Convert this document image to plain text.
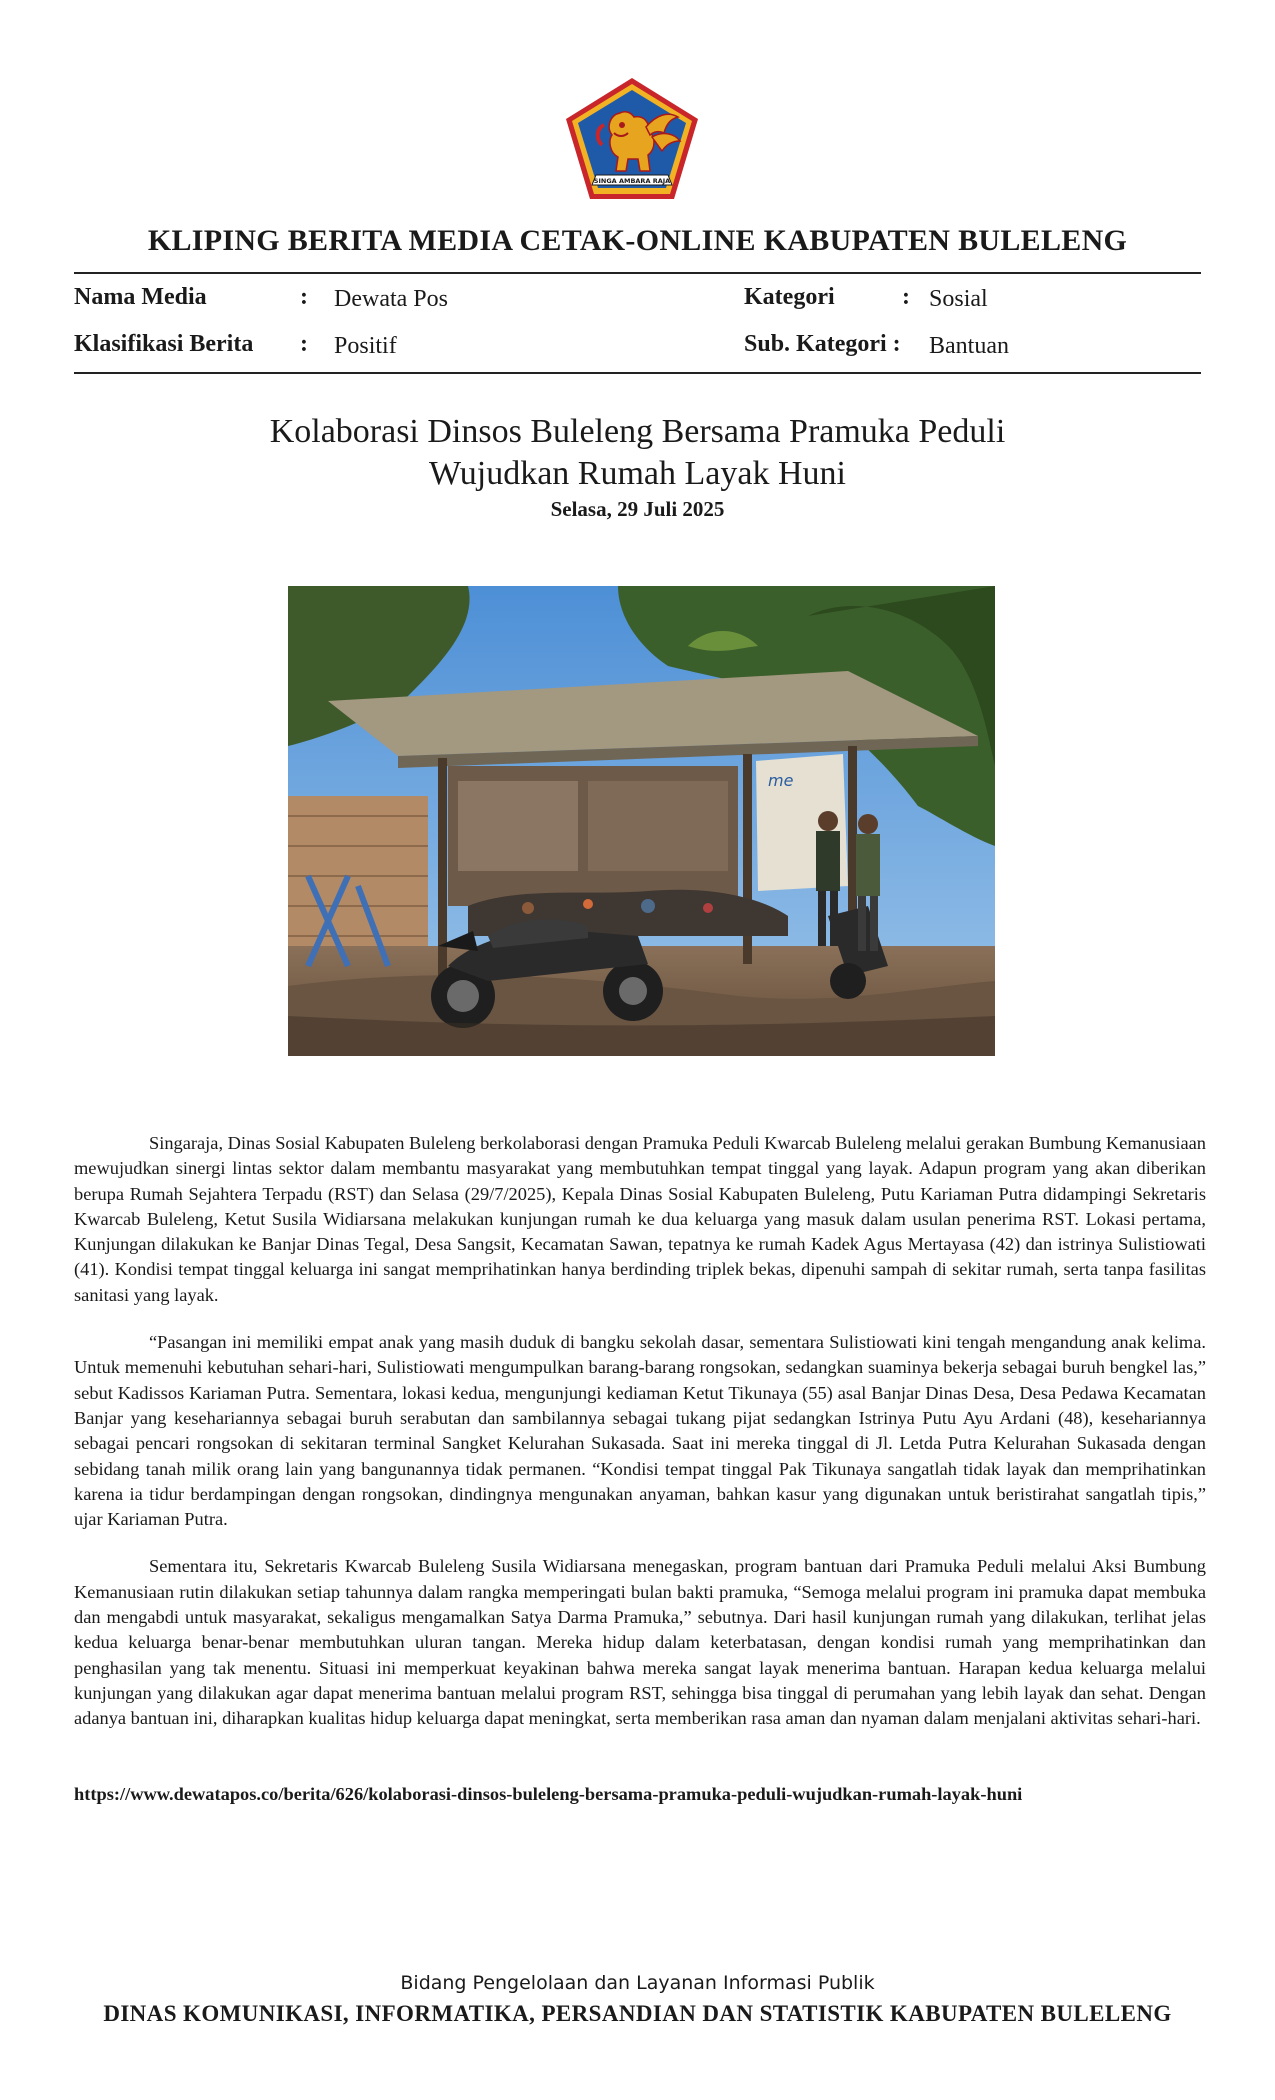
SINGA AMBARA RAJA
KLIPING BERITA MEDIA CETAK-ONLINE KABUPATEN BULELENG
Nama Media	: Dewata Pos	Kategori	: Sosial
Klasifikasi Berita : Positif	Sub. Kategori : Bantuan
Kolaborasi Dinsos Buleleng Bersama Pramuka Peduli
Wujudkan Rumah Layak Huni
Selasa, 29 Juli 2025
me

Singaraja, Dinas Sosial Kabupaten Buleleng berkolaborasi dengan Pramuka Peduli Kwarcab Buleleng melalui gerakan Bumbung Kemanusiaan mewujudkan sinergi lintas sektor dalam membantu masyarakat yang membutuhkan tempat tinggal yang layak. Adapun program yang akan diberikan berupa Rumah Sejahtera Terpadu (RST) dan Selasa (29/7/2025), Kepala Dinas Sosial Kabupaten Buleleng, Putu Kariaman Putra didampingi Sekretaris Kwarcab Buleleng, Ketut Susila Widiarsana melakukan kunjungan rumah ke dua keluarga yang masuk dalam usulan penerima RST. Lokasi pertama, Kunjungan dilakukan ke Banjar Dinas Tegal, Desa Sangsit, Kecamatan Sawan, tepatnya ke rumah Kadek Agus Mertayasa (42) dan istrinya Sulistiowati (41). Kondisi tempat tinggal keluarga ini sangat memprihatinkan hanya berdinding triplek bekas, dipenuhi sampah di sekitar rumah, serta tanpa fasilitas sanitasi yang layak.

“Pasangan ini memiliki empat anak yang masih duduk di bangku sekolah dasar, sementara Sulistiowati kini tengah mengandung anak kelima. Untuk memenuhi kebutuhan sehari-hari, Sulistiowati mengumpulkan barang-barang rongsokan, sedangkan suaminya bekerja sebagai buruh bengkel las,” sebut Kadissos Kariaman Putra. Sementara, lokasi kedua, mengunjungi kediaman Ketut Tikunaya (55) asal Banjar Dinas Desa, Desa Pedawa Kecamatan Banjar yang kesehariannya sebagai buruh serabutan dan sambilannya sebagai tukang pijat sedangkan Istrinya Putu Ayu Ardani (48), kesehariannya sebagai pencari rongsokan di sekitaran terminal Sangket Kelurahan Sukasada. Saat ini mereka tinggal di Jl. Letda Putra Kelurahan Sukasada dengan sebidang tanah milik orang lain yang bangunannya tidak permanen. “Kondisi tempat tinggal Pak Tikunaya sangatlah tidak layak dan memprihatinkan karena ia tidur berdampingan dengan rongsokan, dindingnya mengunakan anyaman, bahkan kasur yang digunakan untuk beristirahat sangatlah tipis,” ujar Kariaman Putra.

Sementara itu, Sekretaris Kwarcab Buleleng Susila Widiarsana menegaskan, program bantuan dari Pramuka Peduli melalui Aksi Bumbung Kemanusiaan rutin dilakukan setiap tahunnya dalam rangka memperingati bulan bakti pramuka, “Semoga melalui program ini pramuka dapat membuka dan mengabdi untuk masyarakat, sekaligus mengamalkan Satya Darma Pramuka,” sebutnya. Dari hasil kunjungan rumah yang dilakukan, terlihat jelas kedua keluarga benar-benar membutuhkan uluran tangan. Mereka hidup dalam keterbatasan, dengan kondisi rumah yang memprihatinkan dan penghasilan yang tak menentu. Situasi ini memperkuat keyakinan bahwa mereka sangat layak menerima bantuan. Harapan kedua keluarga melalui kunjungan yang dilakukan agar dapat menerima bantuan melalui program RST, sehingga bisa tinggal di perumahan yang lebih layak dan sehat. Dengan adanya bantuan ini, diharapkan kualitas hidup keluarga dapat meningkat, serta memberikan rasa aman dan nyaman dalam menjalani aktivitas sehari-hari.

https://www.dewatapos.co/berita/626/kolaborasi-dinsos-buleleng-bersama-pramuka-peduli-wujudkan-rumah-layak-huni
Bidang Pengelolaan dan Layanan Informasi Publik
DINAS KOMUNIKASI, INFORMATIKA, PERSANDIAN DAN STATISTIK KABUPATEN BULELENG
